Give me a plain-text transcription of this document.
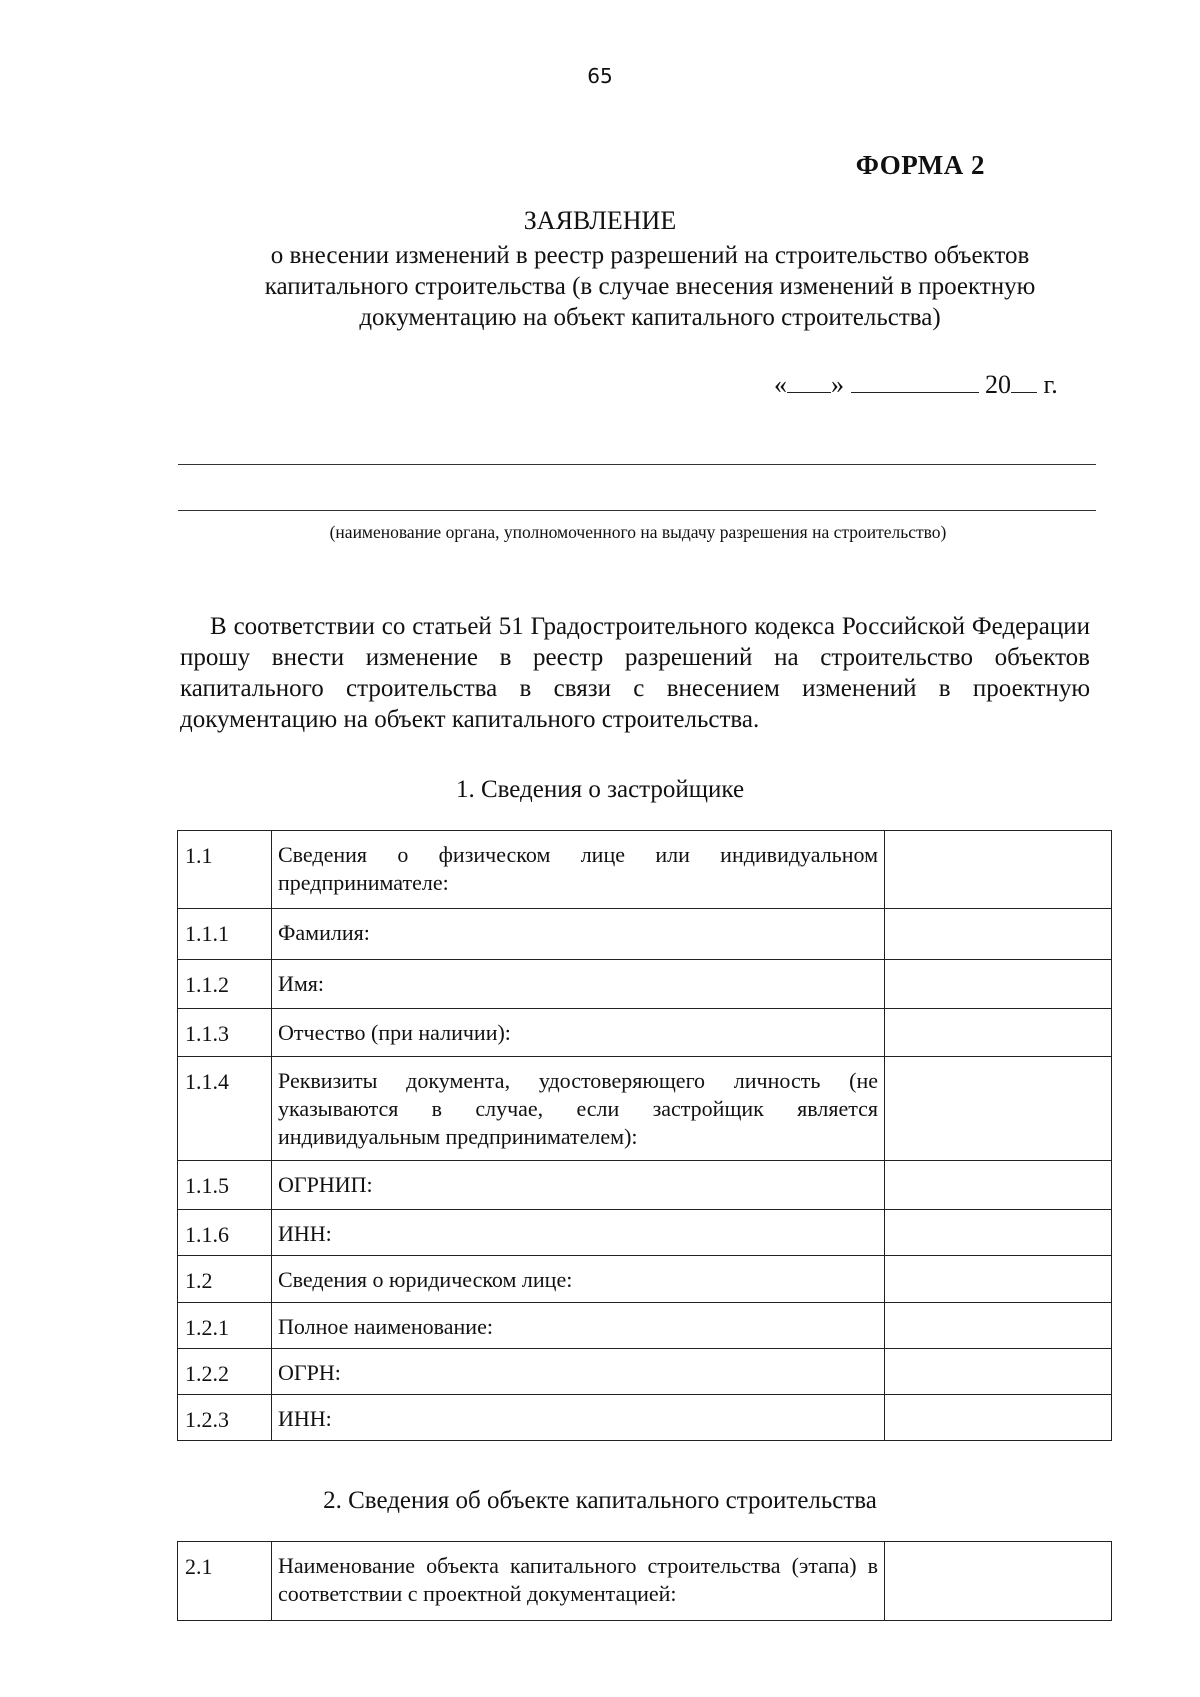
65
ФОРМА 2
ЗАЯВЛЕНИЕ
о внесении изменений в реестр разрешений на строительство объектов капитального строительства (в случае внесения изменений в проектную документацию на объект капитального строительства)
« »	20 г.
(наименование органа, уполномоченного на выдачу разрешения на строительство)
В соответствии со статьей 51 Градостроительного кодекса Российской Федерации прошу внести изменение в реестр разрешений на строительство объектов капитального строительства в связи с внесением изменений в проектную документацию на объект капитального строительства.
1. Сведения о застройщике
1.1	Сведения о физическом лице или индивидуальном предпринимателе:	
1.1.1	Фамилия:	
1.1.2	Имя:	
1.1.3	Отчество (при наличии):	
1.1.4	Реквизиты документа, удостоверяющего личность (не указываются в случае, если застройщик является индивидуальным предпринимателем):	
1.1.5	ОГРНИП:	
1.1.6	ИНН:	
1.2	Сведения о юридическом лице:	
1.2.1	Полное наименование:	
1.2.2	ОГРН:	
1.2.3	ИНН:	
2. Сведения об объекте капитального строительства
2.1	Наименование объекта капитального строительства (этапа) в соответствии с проектной документацией:	
